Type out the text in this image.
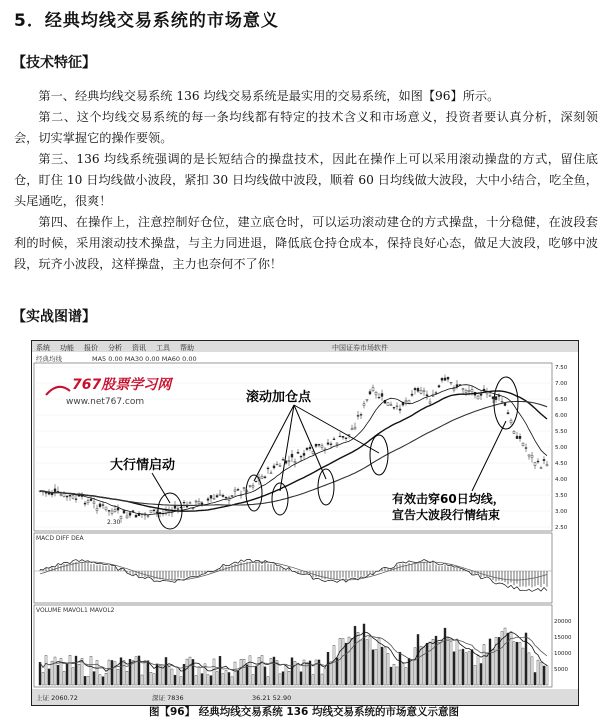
5．经典均线交易系统的市场意义
【技术特征】

第一、经典均线交易系统 136 均线交易系统是最实用的交易系统，如图【96】所示。

第二、这个均线交易系统的每一条均线都有特定的技术含义和市场意义，投资者要认真分析，深刻领会，切实掌握它的操作要领。

第三、136 均线系统强调的是长短结合的操盘技术，因此在操作上可以采用滚动操盘的方式，留住底仓，盯住 10 日均线做小波段，紧扣 30 日均线做中波段，顺着 60 日均线做大波段，大中小结合，吃全鱼，头尾通吃，很爽！

第四、在操作上，注意控制好仓位，建立底仓时，可以运功滚动建仓的方式操盘，十分稳健，在波段套利的时候，采用滚动技术操盘，与主力同进退，降低底仓持仓成本，保持良好心态，做足大波段，吃够中波段，玩齐小波段，这样操盘，主力也奈何不了你！

【实战图谱】
系统 功能 报价 分析 资讯 工具 帮助	中国证券市场软件
经典均线	MA5 0.00 MA30 0.00 MA60 0.00
7.50
7.00
6.50
6.00
5.50
5.00
4.50
4.00
3.50
3.00
2.50
2.30
767股票学习网
www.net767.com	滚动加仓点
大行情启动
有效击穿60日均线，
宣告大波段行情结束
MACD DIFF DEA
VOLUME MAVOL1 MAVOL2
20000
15000
10000
5000
上证 2060.72	深证 7836	36.21 52.90
图【96】 经典均线交易系统 136 均线交易系统的市场意义示意图
